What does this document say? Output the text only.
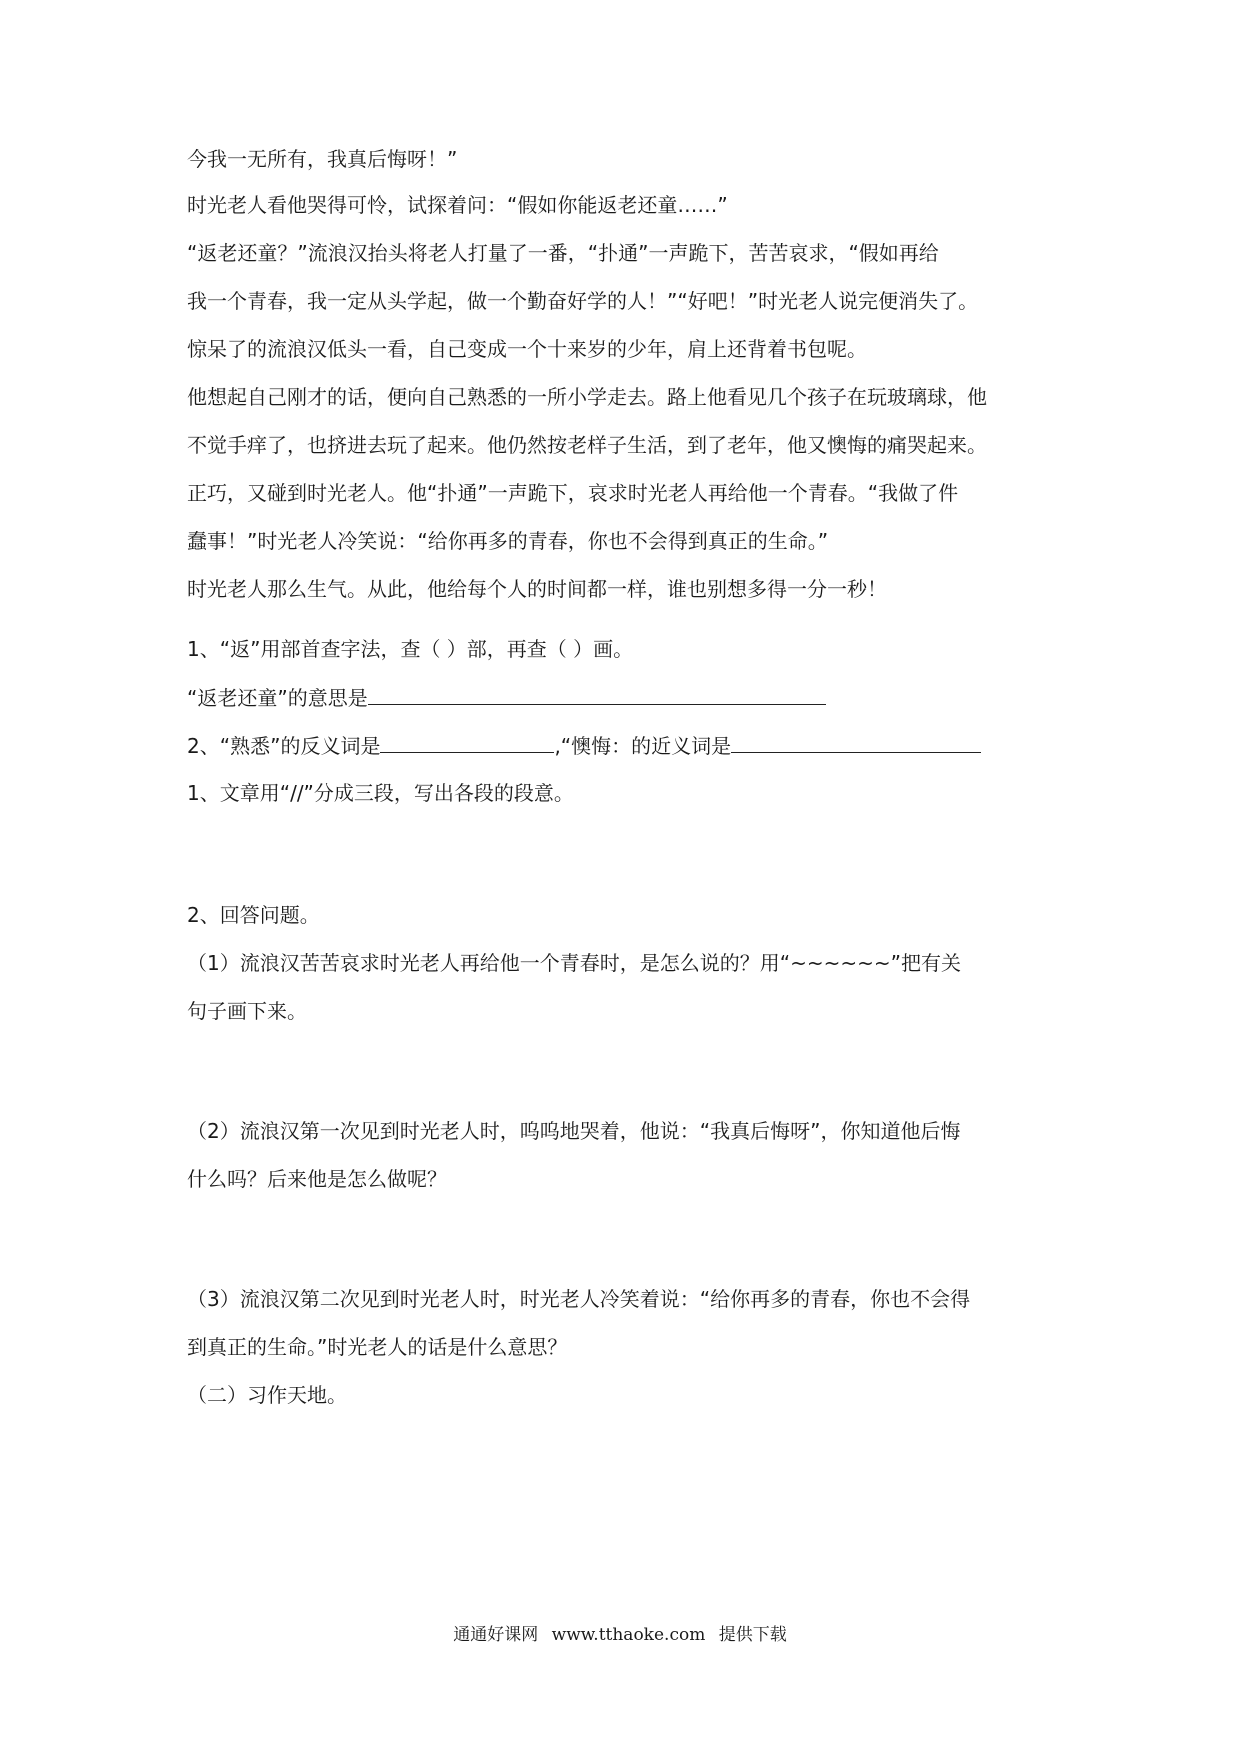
今我一无所有，我真后悔呀！”
时光老人看他哭得可怜，试探着问：“假如你能返老还童……”
“返老还童？”流浪汉抬头将老人打量了一番，“扑通”一声跪下，苦苦哀求，“假如再给
我一个青春，我一定从头学起，做一个勤奋好学的人！”“好吧！”时光老人说完便消失了。
惊呆了的流浪汉低头一看，自己变成一个十来岁的少年，肩上还背着书包呢。
他想起自己刚才的话，便向自己熟悉的一所小学走去。路上他看见几个孩子在玩玻璃球，他
不觉手痒了，也挤进去玩了起来。他仍然按老样子生活，到了老年，他又懊悔的痛哭起来。
正巧，又碰到时光老人。他“扑通”一声跪下，哀求时光老人再给他一个青春。“我做了件
蠢事！”时光老人冷笑说：“给你再多的青春，你也不会得到真正的生命。”
时光老人那么生气。从此，他给每个人的时间都一样，谁也别想多得一分一秒！
1、“返”用部首查字法，查（ ）部，再查（ ）画。
“返老还童”的意思是
2、“熟悉”的反义词是	,“懊悔：的近义词是
1、文章用“//”分成三段，写出各段的段意。
2、回答问题。
（1）流浪汉苦苦哀求时光老人再给他一个青春时，是怎么说的？用“~~~~~~”把有关
句子画下来。
（2）流浪汉第一次见到时光老人时，呜呜地哭着，他说：“我真后悔呀”，你知道他后悔
什么吗？后来他是怎么做呢？
（3）流浪汉第二次见到时光老人时，时光老人冷笑着说：“给你再多的青春，你也不会得
到真正的生命。”时光老人的话是什么意思？
（二）习作天地。
通通好课网 www.tthaoke.com 提供下载
